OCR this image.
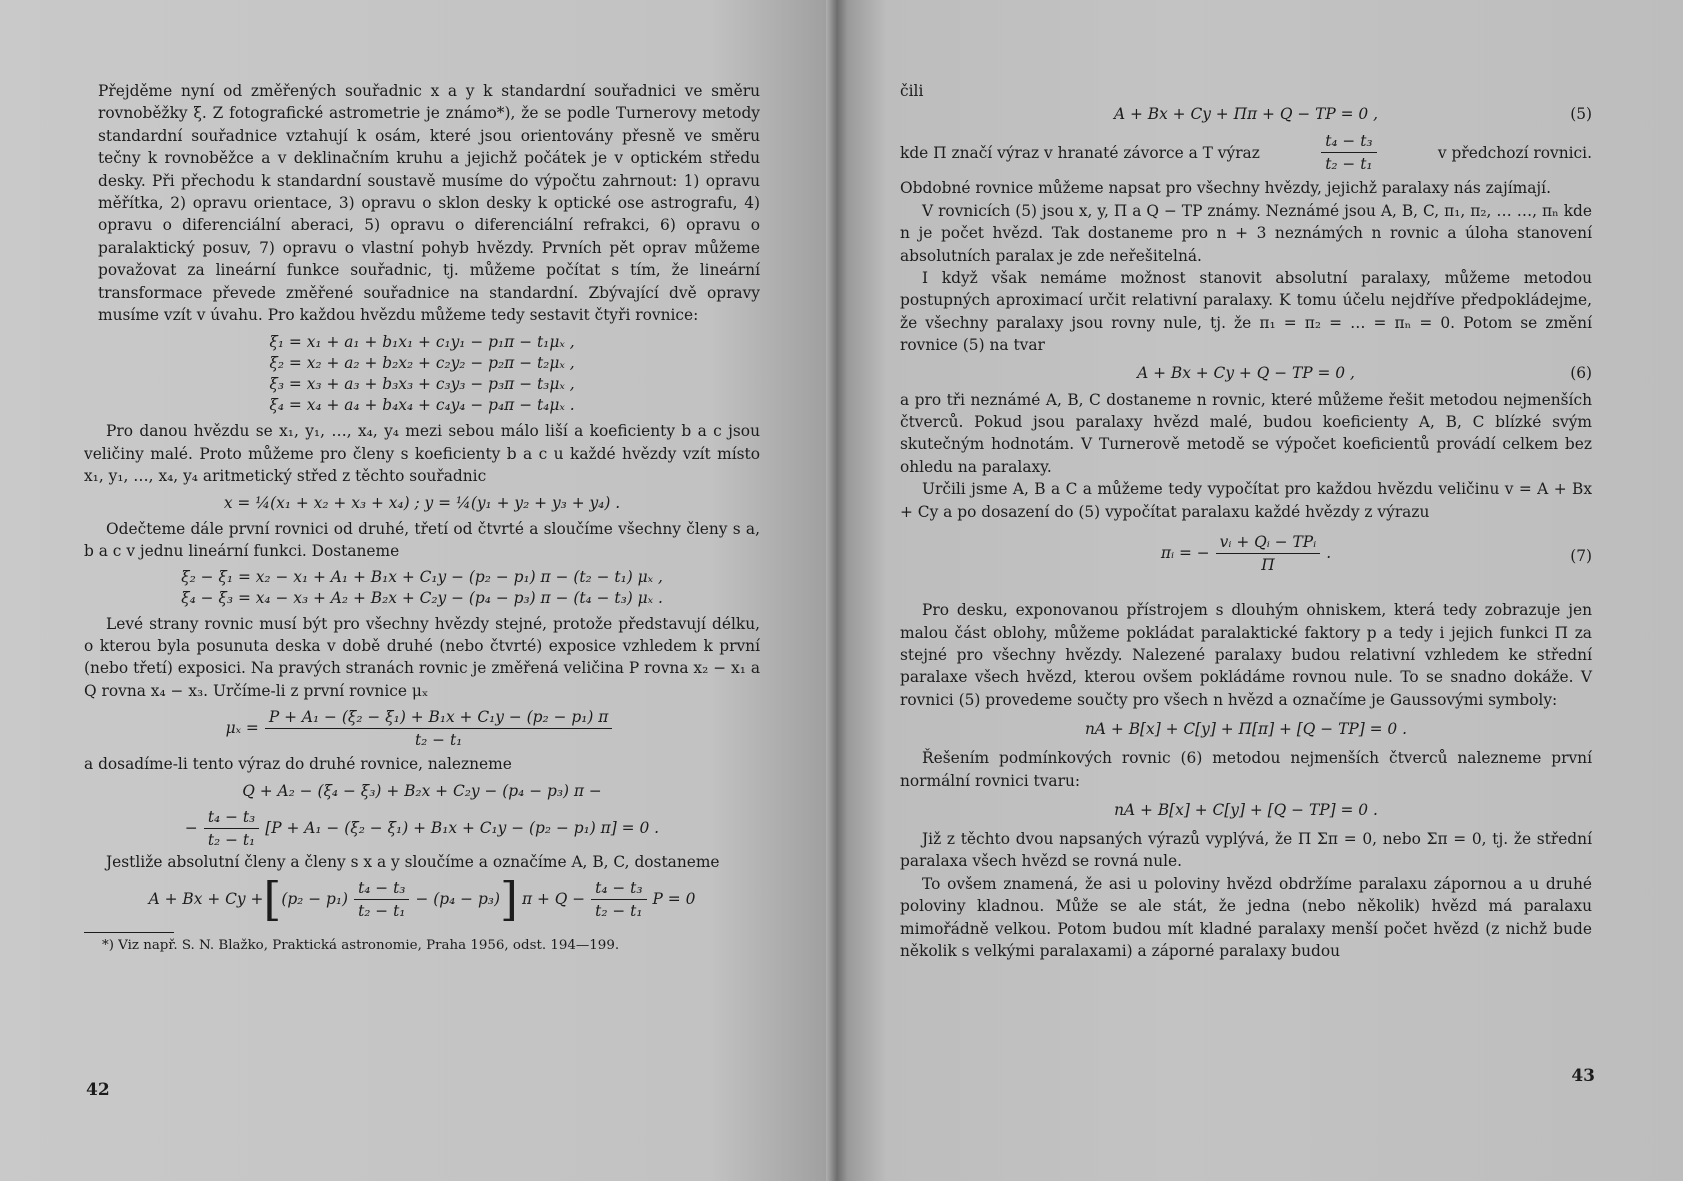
Přejděme nyní od změřených souřadnic x a y k standardní souřadnici ve směru rovnoběžky ξ. Z fotografické astrometrie je známo*), že se podle Turnerovy metody standardní souřadnice vztahují k osám, které jsou orientovány přesně ve směru tečny k rovnoběžce a v deklinačním kruhu a jejichž počátek je v optickém středu desky. Při přechodu k standardní soustavě musíme do výpočtu zahrnout: 1) opravu měřítka, 2) opravu orientace, 3) opravu o sklon desky k optické ose astrografu, 4) opravu o diferenciální aberaci, 5) opravu o diferenciální refrakci, 6) opravu o paralaktický posuv, 7) opravu o vlastní pohyb hvězdy. Prvních pět oprav můžeme považovat za lineární funkce souřadnic, tj. můžeme počítat s tím, že lineární transformace převede změřené souřadnice na standardní. Zbývající dvě opravy musíme vzít v úvahu. Pro každou hvězdu můžeme tedy sestavit čtyři rovnice:

ξ₁ = x₁ + a₁ + b₁x₁ + c₁y₁ − p₁π − t₁μₓ ,
ξ₂ = x₂ + a₂ + b₂x₂ + c₂y₂ − p₂π − t₂μₓ ,
ξ₃ = x₃ + a₃ + b₃x₃ + c₃y₃ − p₃π − t₃μₓ ,
ξ₄ = x₄ + a₄ + b₄x₄ + c₄y₄ − p₄π − t₄μₓ .

Pro danou hvězdu se x₁, y₁, …, x₄, y₄ mezi sebou málo liší a koeficienty b a c jsou veličiny malé. Proto můžeme pro členy s koeficienty b a c u každé hvězdy vzít místo x₁, y₁, …, x₄, y₄ aritmetický střed z těchto souřadnic

x = ¼(x₁ + x₂ + x₃ + x₄) ; y = ¼(y₁ + y₂ + y₃ + y₄) .

Odečteme dále první rovnici od druhé, třetí od čtvrté a sloučíme všechny členy s a, b a c v jednu lineární funkci. Dostaneme

ξ₂ − ξ₁ = x₂ − x₁ + A₁ + B₁x + C₁y − (p₂ − p₁) π − (t₂ − t₁) μₓ ,
ξ₄ − ξ₃ = x₄ − x₃ + A₂ + B₂x + C₂y − (p₄ − p₃) π − (t₄ − t₃) μₓ .

Levé strany rovnic musí být pro všechny hvězdy stejné, protože představují délku, o kterou byla posunuta deska v době druhé (nebo čtvrté) exposice vzhledem k první (nebo třetí) exposici. Na pravých stranách rovnic je změřená veličina P rovna x₂ − x₁ a Q rovna x₄ − x₃. Určíme-li z první rovnice μₓ

$\mu_x = \frac{\text{P + A₁ − (ξ₂ − ξ₁) + B₁x + C₁y − (p₂ − p₁) π}}{\text{t₂ − t₁}}$

a dosadíme-li tento výraz do druhé rovnice, nalezneme

Q + A₂ − (ξ₄ − ξ₃) + B₂x + C₂y − (p₄ − p₃) π −
− $\frac{\text{t₄ − t₃}}{\text{t₂ − t₁}} [P + A_1 - (\xi_2 - \xi_1) + B_1x + C_1y - (p_2 - p_1) \pi] = 0$ .

Jestliže absolutní členy a členy s x a y sloučíme a označíme A, B, C, dostaneme

A + Bx + Cy + [ $(p_2 - p_1) \frac{\text{t₄ − t₃}}{\text{t₂ − t₁}} - (p_4 - p_3)$ ] $\pi + Q - \frac{\text{t₄ − t₃}}{\text{t₂ − t₁}}$ P = 0

*) Viz např. S. N. Blažko, Praktická astronomie, Praha 1956, odst. 194—199.

42

čili

A + Bx + Cy + Ππ + Q − TP = 0 ,	(5)
kde Π značí výraz v hranaté závorce a T výraz	$\frac{\text{t₄ − t₃}}{\text{t₂ − t₁}}$	v předchozí rovnici.

Obdobné rovnice můžeme napsat pro všechny hvězdy, jejichž paralaxy nás zajímají.

V rovnicích (5) jsou x, y, Π a Q − TP známy. Neznámé jsou A, B, C, π₁, π₂, … …, πₙ kde n je počet hvězd. Tak dostaneme pro n + 3 neznámých n rovnic a úloha stanovení absolutních paralax je zde neřešitelná.

I když však nemáme možnost stanovit absolutní paralaxy, můžeme metodou postupných aproximací určit relativní paralaxy. K tomu účelu nejdříve předpokládejme, že všechny paralaxy jsou rovny nule, tj. že π₁ = π₂ = … = πₙ = 0. Potom se změní rovnice (5) na tvar

A + Bx + Cy + Q − TP = 0 ,	(6)

a pro tři neznámé A, B, C dostaneme n rovnic, které můžeme řešit metodou nejmenších čtverců. Pokud jsou paralaxy hvězd malé, budou koeficienty A, B, C blízké svým skutečným hodnotám. V Turnerově metodě se výpočet koeficientů provádí celkem bez ohledu na paralaxy.

Určili jsme A, B a C a můžeme tedy vypočítat pro každou hvězdu veličinu v = A + Bx + Cy a po dosazení do (5) vypočítat paralaxu každé hvězdy z výrazu

πᵢ = − $\frac{\text{vᵢ + Qᵢ − TPᵢ}}{\Pi}$ .	(7)

Pro desku, exponovanou přístrojem s dlouhým ohniskem, která tedy zobrazuje jen malou část oblohy, můžeme pokládat paralaktické faktory p a tedy i jejich funkci Π za stejné pro všechny hvězdy. Nalezené paralaxy budou relativní vzhledem ke střední paralaxe všech hvězd, kterou ovšem pokládáme rovnou nule. To se snadno dokáže. V rovnici (5) provedeme součty pro všech n hvězd a označíme je Gaussovými symboly:

nA + B[x] + C[y] + Π[π] + [Q − TP] = 0 .

Řešením podmínkových rovnic (6) metodou nejmenších čtverců nalezneme první normální rovnici tvaru:

nA + B[x] + C[y] + [Q − TP] = 0 .

Již z těchto dvou napsaných výrazů vyplývá, že Π Σπ = 0, nebo Σπ = 0, tj. že střední paralaxa všech hvězd se rovná nule.

To ovšem znamená, že asi u poloviny hvězd obdržíme paralaxu zápornou a u druhé poloviny kladnou. Může se ale stát, že jedna (nebo několik) hvězd má paralaxu mimořádně velkou. Potom budou mít kladné paralaxy menší počet hvězd (z nichž bude několik s velkými paralaxami) a záporné paralaxy budou

43
